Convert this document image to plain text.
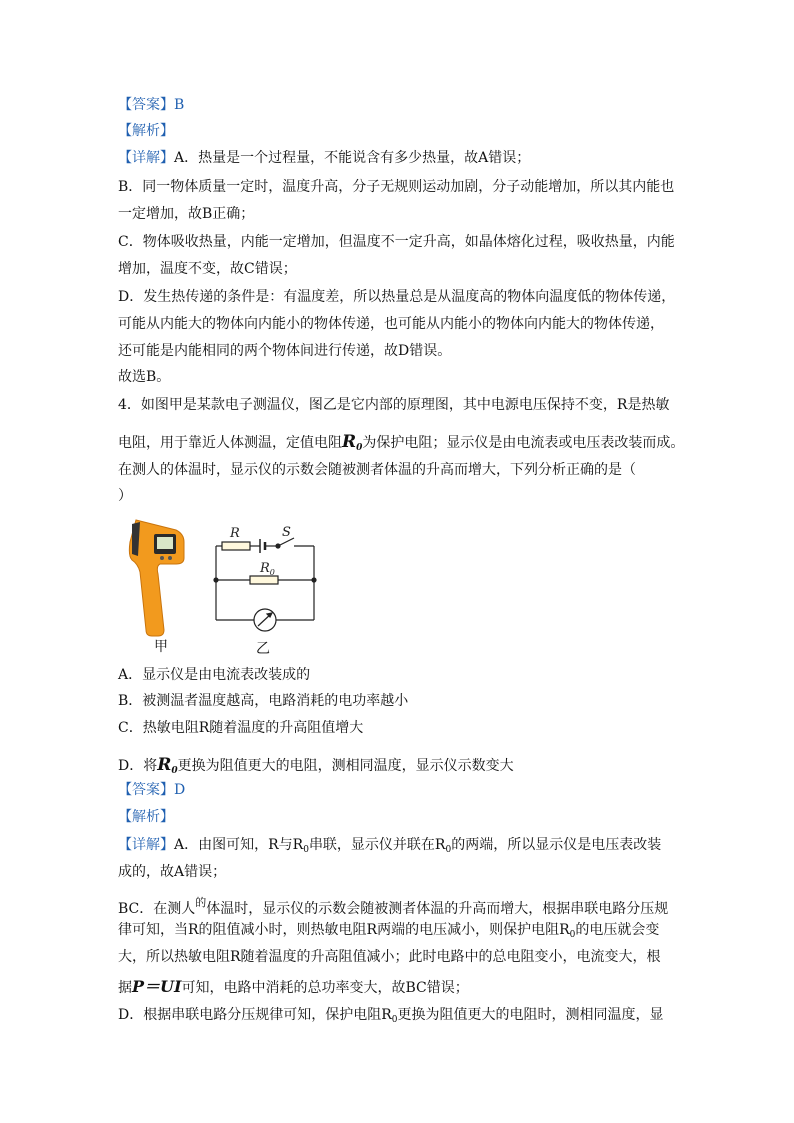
【答案】B
【解析】
【详解】A．热量是一个过程量，不能说含有多少热量，故A错误；
B．同一物体质量一定时，温度升高，分子无规则运动加剧，分子动能增加，所以其内能也
一定增加，故B正确；
C．物体吸收热量，内能一定增加，但温度不一定升高，如晶体熔化过程，吸收热量，内能
增加，温度不变，故C错误；
D．发生热传递的条件是：有温度差，所以热量总是从温度高的物体向温度低的物体传递，
可能从内能大的物体向内能小的物体传递，也可能从内能小的物体向内能大的物体传递，
还可能是内能相同的两个物体间进行传递，故D错误。
故选B。
4．如图甲是某款电子测温仪，图乙是它内部的原理图，其中电源电压保持不变，R是热敏
电阻，用于靠近人体测温，定值电阻$R_0$为保护电阻；显示仪是由电流表或电压表改装而成。
在测人的体温时，显示仪的示数会随被测者体温的升高而增大，下列分析正确的是（
）
R	S
$R_0$
甲	乙
A．显示仪是由电流表改装成的
B．被测温者温度越高，电路消耗的电功率越小
C．热敏电阻R随着温度的升高阻值增大
D．将$R_0$更换为阻值更大的电阻，测相同温度，显示仪示数变大
【答案】D
【解析】
【详解】A．由图可知，R与$R_0$串联，显示仪并联在$R_0$的两端，所以显示仪是电压表改装
成的，故A错误；
BC．在测人$^的$体温时，显示仪的示数会随被测者体温的升高而增大，根据串联电路分压规
律可知，当R的阻值减小时，则热敏电阻R两端的电压减小，则保护电阻$R_0$的电压就会变
大，所以热敏电阻R随着温度的升高阻值减小；此时电路中的总电阻变小，电流变大，根
据P＝UI可知，电路中消耗的总功率变大，故BC错误；
D．根据串联电路分压规律可知，保护电阻$R_0$更换为阻值更大的电阻时，测相同温度，显
